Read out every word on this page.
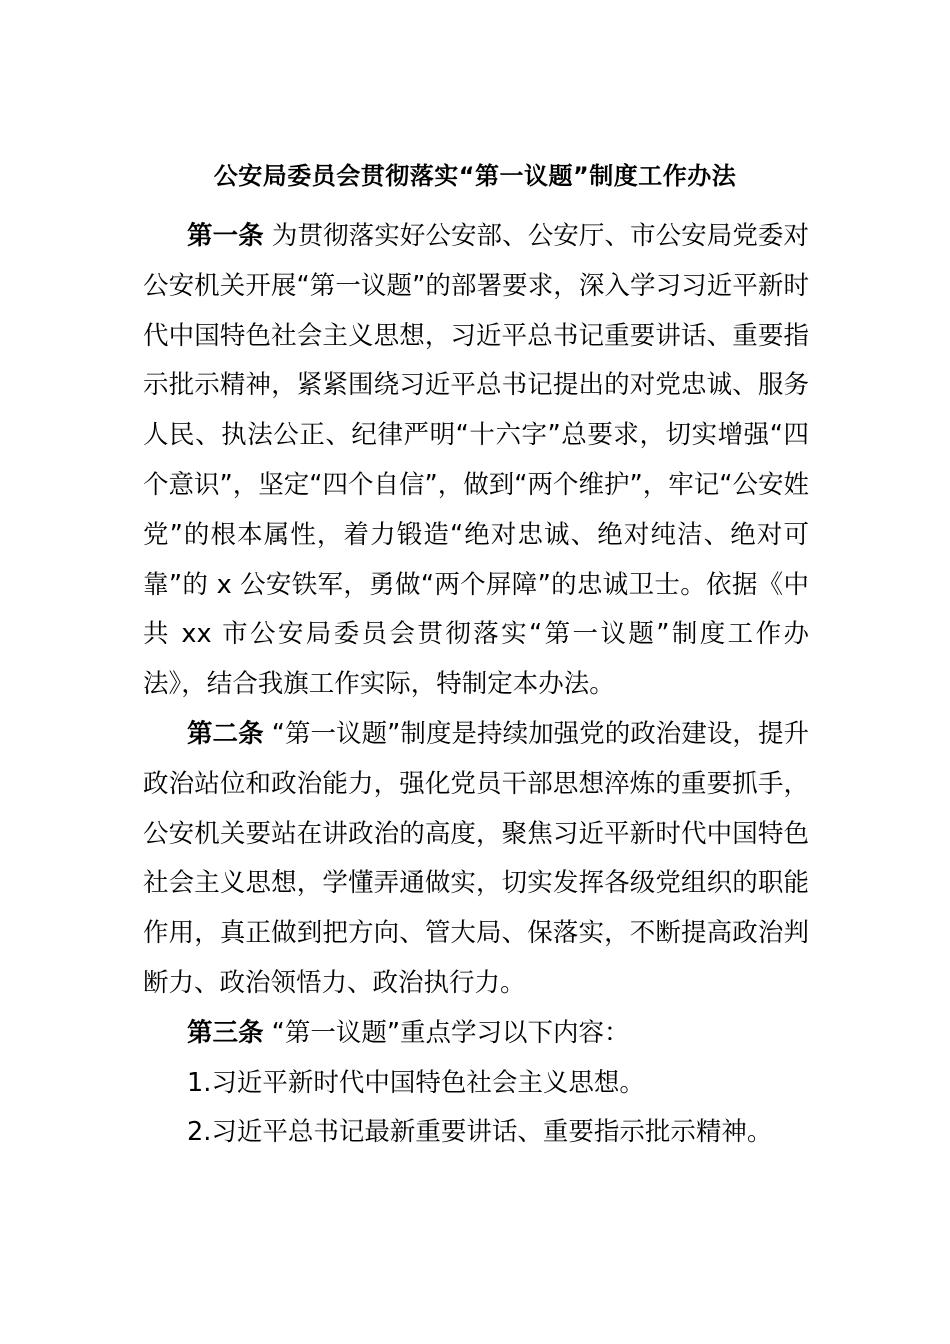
公安局委员会贯彻落实“第一议题”制度工作办法

第一条 为贯彻落实好公安部、公安厅、市公安局党委对公安机关开展“第一议题”的部署要求，深入学习习近平新时代中国特色社会主义思想，习近平总书记重要讲话、重要指示批示精神，紧紧围绕习近平总书记提出的对党忠诚、服务人民、执法公正、纪律严明“十六字”总要求，切实增强“四个意识”，坚定“四个自信”，做到“两个维护”，牢记“公安姓党”的根本属性，着力锻造“绝对忠诚、绝对纯洁、绝对可靠”的 x 公安铁军，勇做“两个屏障”的忠诚卫士。依据《中共 xx 市公安局委员会贯彻落实“第一议题”制度工作办法》，结合我旗工作实际，特制定本办法。

第二条 “第一议题”制度是持续加强党的政治建设，提升政治站位和政治能力，强化党员干部思想淬炼的重要抓手，公安机关要站在讲政治的高度，聚焦习近平新时代中国特色社会主义思想，学懂弄通做实，切实发挥各级党组织的职能作用，真正做到把方向、管大局、保落实，不断提高政治判断力、政治领悟力、政治执行力。

第三条 “第一议题”重点学习以下内容：

1.习近平新时代中国特色社会主义思想。

2.习近平总书记最新重要讲话、重要指示批示精神。
